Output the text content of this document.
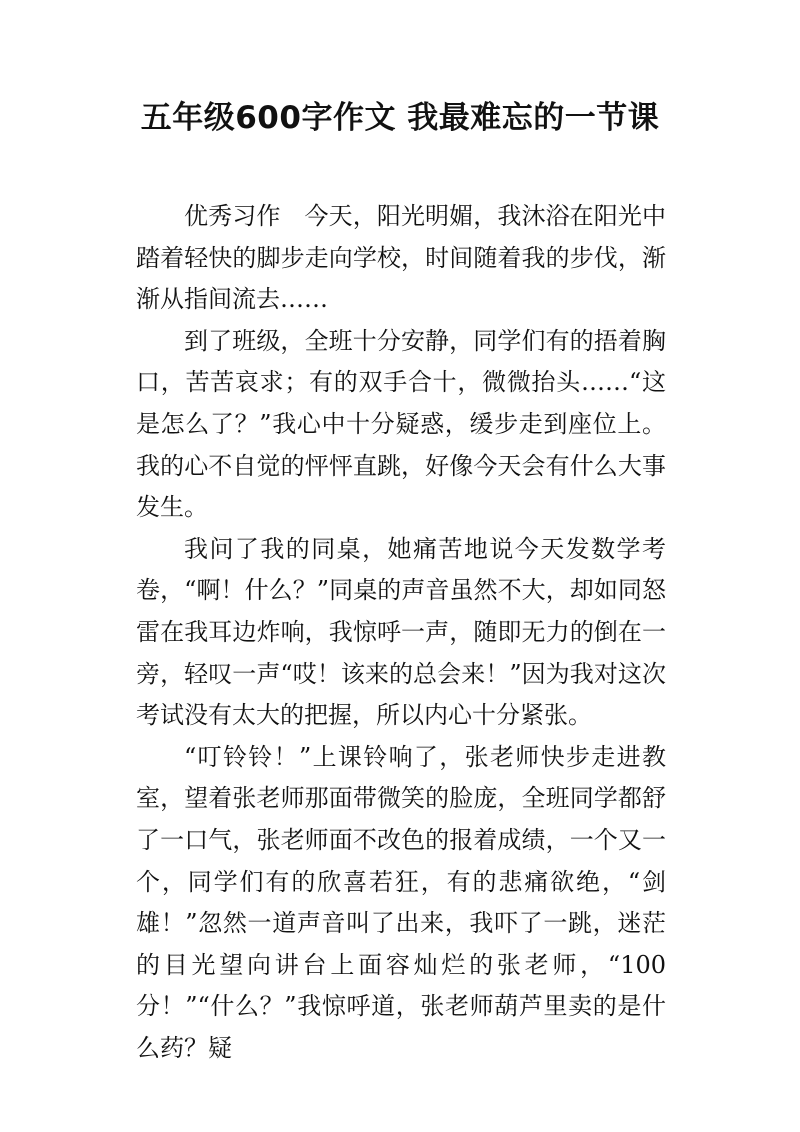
五年级600字作文 我最难忘的一节课

优秀习作　今天，阳光明媚，我沐浴在阳光中踏着轻快的脚步走向学校，时间随着我的步伐，渐渐从指间流去……

到了班级，全班十分安静，同学们有的捂着胸口，苦苦哀求；有的双手合十，微微抬头……“这是怎么了？”我心中十分疑惑，缓步走到座位上。我的心不自觉的怦怦直跳，好像今天会有什么大事发生。

我问了我的同桌，她痛苦地说今天发数学考卷，“啊！什么？”同桌的声音虽然不大，却如同怒雷在我耳边炸响，我惊呼一声，随即无力的倒在一旁，轻叹一声“哎！该来的总会来！”因为我对这次考试没有太大的把握，所以内心十分紧张。

“叮铃铃！”上课铃响了，张老师快步走进教室，望着张老师那面带微笑的脸庞，全班同学都舒了一口气，张老师面不改色的报着成绩，一个又一个，同学们有的欣喜若狂，有的悲痛欲绝，“剑雄！”忽然一道声音叫了出来，我吓了一跳，迷茫的目光望向讲台上面容灿烂的张老师，“100分！”“什么？”我惊呼道，张老师葫芦里卖的是什么药？疑
